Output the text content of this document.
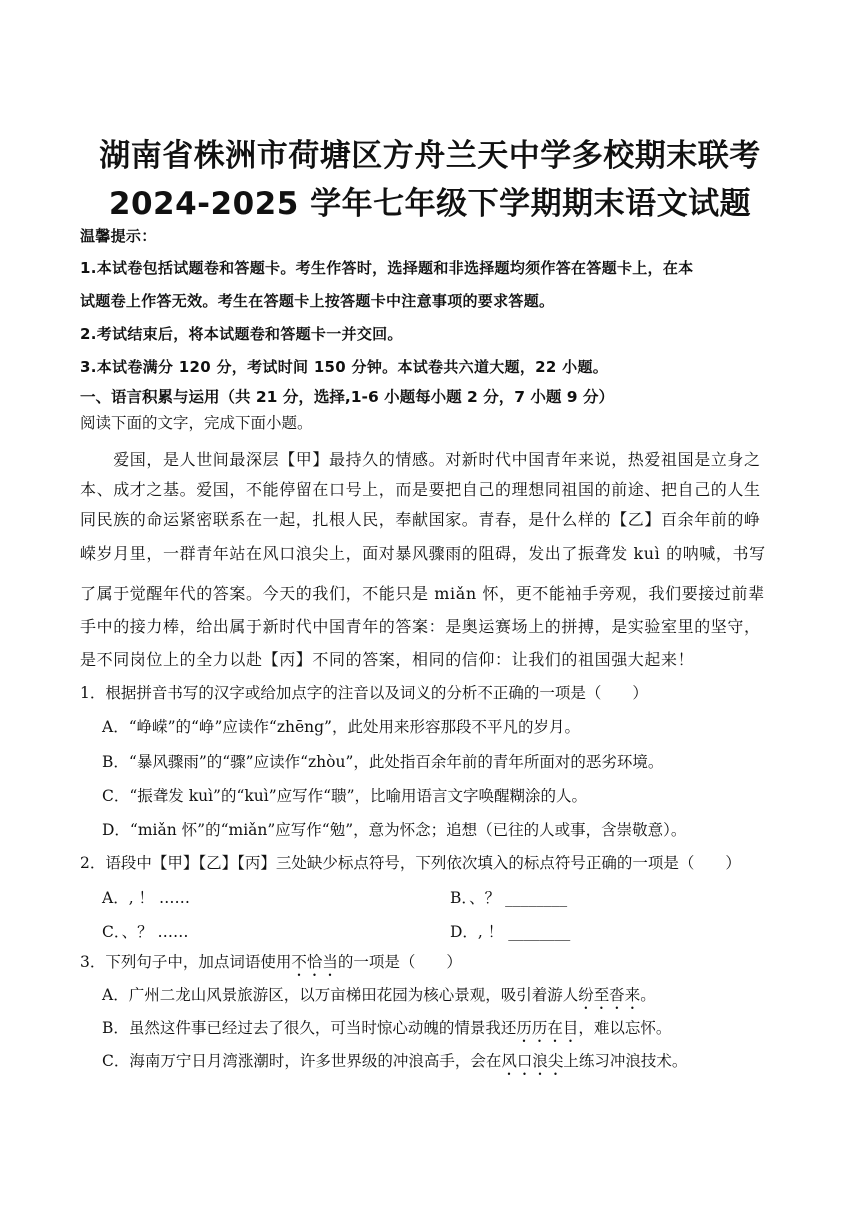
湖南省株洲市荷塘区方舟兰天中学多校期末联考
2024-2025 学年七年级下学期期末语文试题
温馨提示：
1.本试卷包括试题卷和答题卡。考生作答时，选择题和非选择题均须作答在答题卡上，在本
试题卷上作答无效。考生在答题卡上按答题卡中注意事项的要求答题。
2.考试结束后，将本试题卷和答题卡一并交回。
3.本试卷满分 120 分，考试时间 150 分钟。本试卷共六道大题，22 小题。
一、语言积累与运用（共 21 分，选择,1-6 小题每小题 2 分，7 小题 9 分）
阅读下面的文字，完成下面小题。
　　爱国，是人世间最深层【甲】最持久的情感。对新时代中国青年来说，热爱祖国是立身之
本、成才之基。爱国，不能停留在口号上，而是要把自己的理想同祖国的前途、把自己的人生
同民族的命运紧密联系在一起，扎根人民，奉献国家。青春，是什么样的【乙】百余年前的峥
嵘岁月里，一群青年站在风口浪尖上，面对暴风骤雨的阻碍，发出了振聋发 kuì 的呐喊，书写
了属于觉醒年代的答案。今天的我们，不能只是 miǎn 怀，更不能袖手旁观，我们要接过前辈
手中的接力棒，给出属于新时代中国青年的答案：是奥运赛场上的拼搏，是实验室里的坚守，
是不同岗位上的全力以赴【丙】不同的答案，相同的信仰：让我们的祖国强大起来！
1．根据拼音书写的汉字或给加点字的注音以及词义的分析不正确的一项是（　　）
A．“峥嵘”的“峥”应读作“zhēng”，此处用来形容那段不平凡的岁月。
B．“暴风骤雨”的“骤”应读作“zhòu”，此处指百余年前的青年所面对的恶劣环境。
C．“振聋发 kuì”的“kuì”应写作“聩”，比喻用语言文字唤醒糊涂的人。
D．“miǎn 怀”的“miǎn”应写作“勉”，意为怀念；追想（已往的人或事，含崇敬意）。
2．语段中【甲】【乙】【丙】三处缺少标点符号，下列依次填入的标点符号正确的一项是（　　）
A．, ！ ……	B．、？ ________
C．、？ ……	D．, ！ ________
3．下列句子中，加点词语使用不恰当的一项是（　　）
A．广州二龙山风景旅游区，以万亩梯田花园为核心景观，吸引着游人纷至沓来。
B．虽然这件事已经过去了很久，可当时惊心动魄的情景我还历历在目，难以忘怀。
C．海南万宁日月湾涨潮时，许多世界级的冲浪高手，会在风口浪尖上练习冲浪技术。
